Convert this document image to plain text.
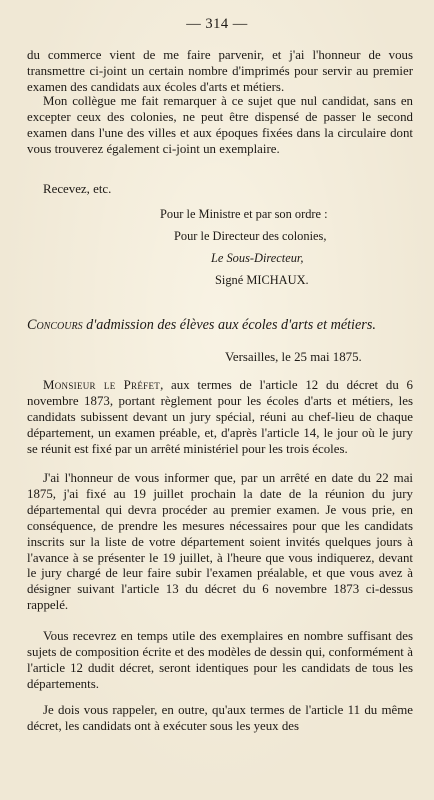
— 314 —

du commerce vient de me faire parvenir, et j'ai l'honneur de vous transmettre ci-joint un certain nombre d'imprimés pour servir au premier examen des candidats aux écoles d'arts et métiers.

Mon collègue me fait remarquer à ce sujet que nul candidat, sans en excepter ceux des colonies, ne peut être dispensé de passer le second examen dans l'une des villes et aux époques fixées dans la circulaire dont vous trouverez également ci-joint un exemplaire.

Recevez, etc.

Pour le Ministre et par son ordre :
Pour le Directeur des colonies,
Le Sous-Directeur,
Signé MICHAUX.
Concours d'admission des élèves aux écoles d'arts et métiers.
Versailles, le 25 mai 1875.

Monsieur le Préfet, aux termes de l'article 12 du décret du 6 novembre 1873, portant règlement pour les écoles d'arts et métiers, les candidats subissent devant un jury spécial, réuni au chef-lieu de chaque département, un examen préable, et, d'après l'article 14, le jour où le jury se réunit est fixé par un arrêté ministériel pour les trois écoles.

J'ai l'honneur de vous informer que, par un arrêté en date du 22 mai 1875, j'ai fixé au 19 juillet prochain la date de la réunion du jury départemental qui devra procéder au premier examen. Je vous prie, en conséquence, de prendre les mesures nécessaires pour que les candidats inscrits sur la liste de votre département soient invités quelques jours à l'avance à se présenter le 19 juillet, à l'heure que vous indiquerez, devant le jury chargé de leur faire subir l'examen préalable, et que vous avez à désigner suivant l'article 13 du décret du 6 novembre 1873 ci-dessus rappelé.

Vous recevrez en temps utile des exemplaires en nombre suffisant des sujets de composition écrite et des modèles de dessin qui, conformément à l'article 12 dudit décret, seront identiques pour les candidats de tous les départements.

Je dois vous rappeler, en outre, qu'aux termes de l'article 11 du même décret, les candidats ont à exécuter sous les yeux des
